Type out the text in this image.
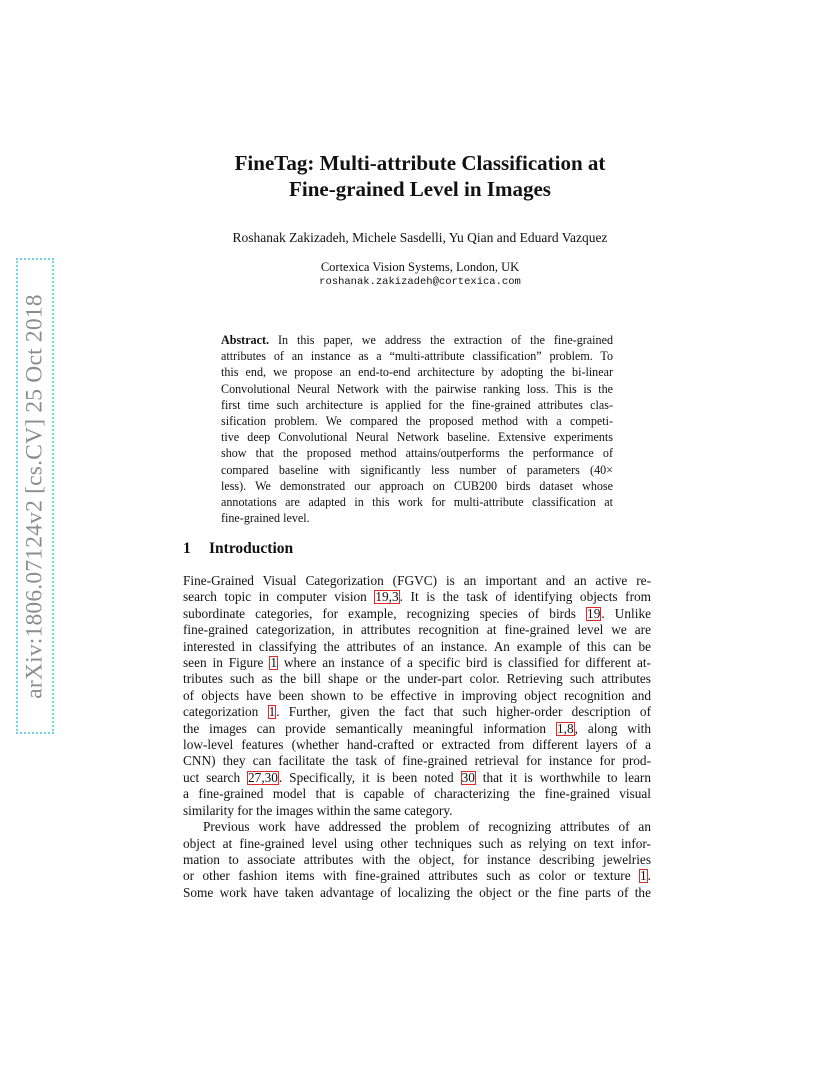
arXiv:1806.07124v2 [cs.CV] 25 Oct 2018
FineTag: Multi-attribute Classification at
Fine-grained Level in Images
Roshanak Zakizadeh, Michele Sasdelli, Yu Qian and Eduard Vazquez
Cortexica Vision Systems, London, UK
roshanak.zakizadeh@cortexica.com
Abstract. In this paper, we address the extraction of the fine-grained
attributes of an instance as a “multi-attribute classification” problem. To
this end, we propose an end-to-end architecture by adopting the bi-linear
Convolutional Neural Network with the pairwise ranking loss. This is the
first time such architecture is applied for the fine-grained attributes clas-
sification problem. We compared the proposed method with a competi-
tive deep Convolutional Neural Network baseline. Extensive experiments
show that the proposed method attains/outperforms the performance of
compared baseline with significantly less number of parameters (40×
less). We demonstrated our approach on CUB200 birds dataset whose
annotations are adapted in this work for multi-attribute classification at
fine-grained level.
1 Introduction
Fine-Grained Visual Categorization (FGVC) is an important and an active re-
search topic in computer vision 19,3. It is the task of identifying objects from
subordinate categories, for example, recognizing species of birds 19. Unlike
fine-grained categorization, in attributes recognition at fine-grained level we are
interested in classifying the attributes of an instance. An example of this can be
seen in Figure 1 where an instance of a specific bird is classified for different at-
tributes such as the bill shape or the under-part color. Retrieving such attributes
of objects have been shown to be effective in improving object recognition and
categorization 1. Further, given the fact that such higher-order description of
the images can provide semantically meaningful information 1,8, along with
low-level features (whether hand-crafted or extracted from different layers of a
CNN) they can facilitate the task of fine-grained retrieval for instance for prod-
uct search 27,30. Specifically, it is been noted 30 that it is worthwhile to learn
a fine-grained model that is capable of characterizing the fine-grained visual
similarity for the images within the same category.
Previous work have addressed the problem of recognizing attributes of an
object at fine-grained level using other techniques such as relying on text infor-
mation to associate attributes with the object, for instance describing jewelries
or other fashion items with fine-grained attributes such as color or texture 1.
Some work have taken advantage of localizing the object or the fine parts of the
